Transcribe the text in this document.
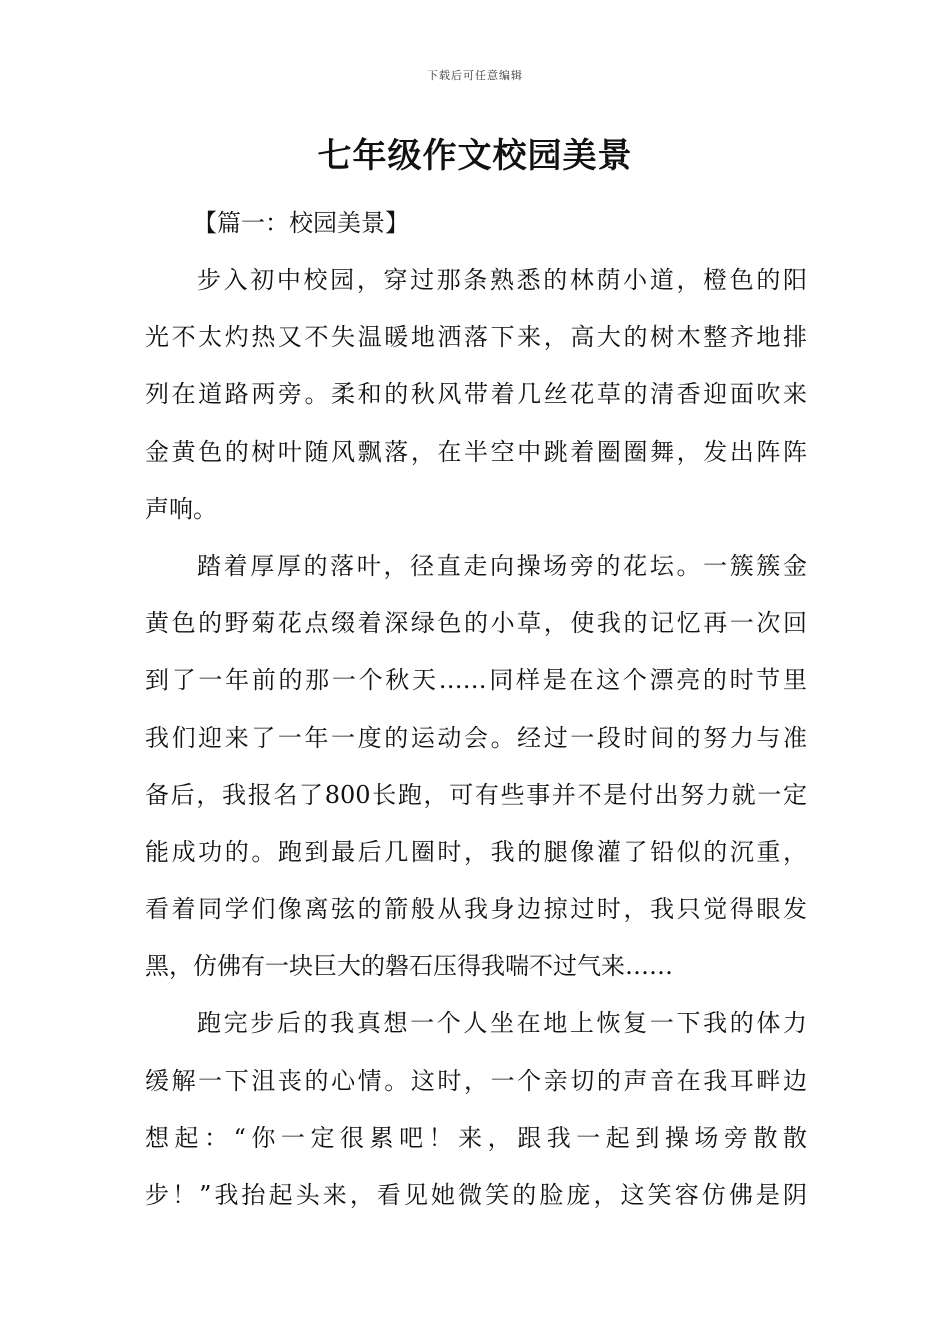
下载后可任意编辑
七年级作文校园美景
【篇一：校园美景】
步入初中校园，穿过那条熟悉的林荫小道，橙色的阳
光不太灼热又不失温暖地洒落下来，高大的树木整齐地排
列在道路两旁。柔和的秋风带着几丝花草的清香迎面吹来
金黄色的树叶随风飘落，在半空中跳着圈圈舞，发出阵阵
声响。
踏着厚厚的落叶，径直走向操场旁的花坛。一簇簇金
黄色的野菊花点缀着深绿色的小草，使我的记忆再一次回
到了一年前的那一个秋天……同样是在这个漂亮的时节里
我们迎来了一年一度的运动会。经过一段时间的努力与准
备后，我报名了800长跑，可有些事并不是付出努力就一定
能成功的。跑到最后几圈时，我的腿像灌了铅似的沉重，
看着同学们像离弦的箭般从我身边掠过时，我只觉得眼发
黑，仿佛有一块巨大的磐石压得我喘不过气来……
跑完步后的我真想一个人坐在地上恢复一下我的体力
缓解一下沮丧的心情。这时，一个亲切的声音在我耳畔边
想起：“你一定很累吧！来，跟我一起到操场旁散散
步！”我抬起头来，看见她微笑的脸庞，这笑容仿佛是阴
